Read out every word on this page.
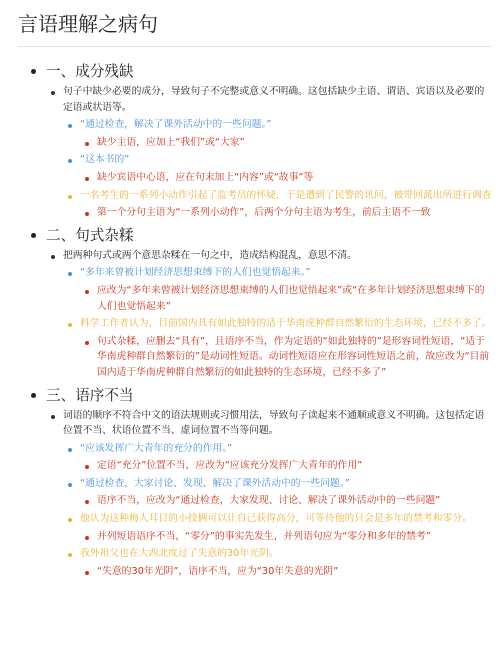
言语理解之病句
一、成分残缺
句子中缺少必要的成分，导致句子不完整或意义不明确。这包括缺少主语、谓语、宾语以及必要的定语或状语等。
“通过检查，解决了课外活动中的一些问题。”
缺少主语，应加上“我们”或“大家”
“这本书的”
缺少宾语中心语，应在句末加上“内容”或“故事”等
一名考生的一系列小动作引起了监考员的怀疑，于是遭到了民警的讯问，被带回派出所进行调查
第一个分句主语为“一系列小动作”，后两个分句主语为考生，前后主语不一致
二、句式杂糅
把两种句式或两个意思杂糅在一句之中，造成结构混乱，意思不清。
“多年来曾被计划经济思想束缚下的人们也觉悟起来。”
应改为“多年来曾被计划经济思想束缚的人们也觉悟起来”或“在多年计划经济思想束缚下的人们也觉悟起来”
科学工作者认为，目前国内具有如此独特的适于华南虎种群自然繁衍的生态环境，已经不多了。
句式杂糅，应删去“具有”，且语序不当，作为定语的“如此独特的”是形容词性短语，“适于华南虎种群自然繁衍的”是动词性短语。动词性短语应在形容词性短语之前，故应改为“目前国内适于华南虎种群自然繁衍的如此独特的生态环境，已经不多了”
三、语序不当
词语的顺序不符合中文的语法规则或习惯用法，导致句子读起来不通顺或意义不明确。这包括定语位置不当、状语位置不当、虚词位置不当等问题。
“应该发挥广大青年的充分的作用。”
定语“充分”位置不当，应改为“应该充分发挥广大青年的作用”
“通过检查，大家讨论、发现、解决了课外活动中的一些问题。”
语序不当，应改为“通过检查，大家发现、讨论、解决了课外活动中的一些问题”
他认为这种梅人耳目的小技俩可以让自己获得高分，可等待他的只会是多年的禁考和零分。
并列短语语序不当，“零分”的事实先发生，并列语句应为“零分和多年的禁考”
我外祖父也在大西北度过了失意的30年光阴。
“失意的30年光阴”，语序不当，应为“30年失意的光阴”
